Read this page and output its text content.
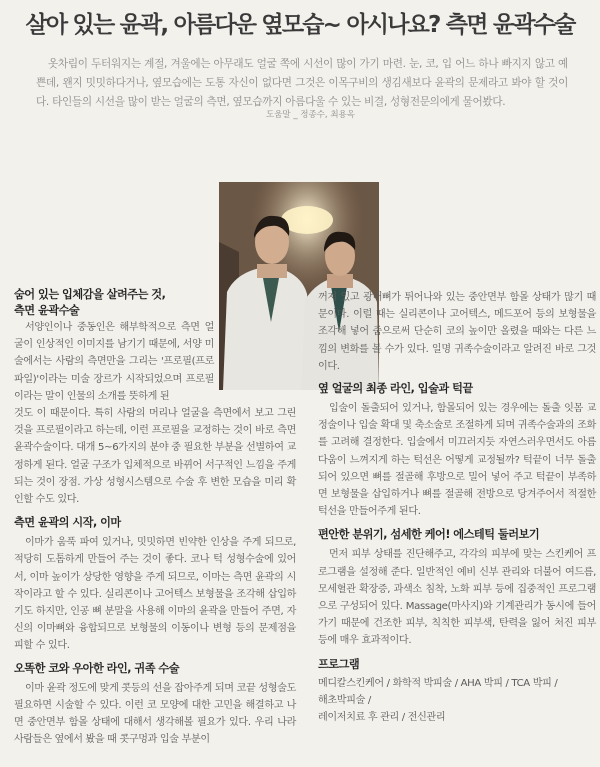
살아 있는 윤곽, 아름다운 옆모습~ 아시나요? 측면 윤곽수술
옷차림이 두터워지는 계절, 겨울에는 아무래도 얼굴 쪽에 시선이 많이 가기 마련. 눈, 코, 입 어느 하나 빠지지 않고 예쁜데, 왠지 밋밋하다거나, 옆모습에는 도통 자신이 없다면 그것은 이목구비의 생김새보다 윤곽의 문제라고 봐야 할 것이다. 타인들의 시선을 많이 받는 얼굴의 측면, 옆모습까지 아름다울 수 있는 비결, 성형전문의에게 물어봤다.
도움말 _ 정종수, 최용옥
숨어 있는 입체감을 살려주는 것,
측면 윤곽수술

서양인이나 중동인은 해부학적으로 측면 얼굴이 인상적인 이미지를 남기기 때문에, 서양 미술에서는 사람의 측면만을 그리는 '프로필(프로파일)'이라는 미술 장르가 시작되었으며 프로필이라는 말이 인물의 소개를 뜻하게 된

것도 이 때문이다. 특히 사람의 머리나 얼굴을 측면에서 보고 그린 것을 프로필이라고 하는데, 이런 프로필을 교정하는 것이 바로 측면 윤곽수술이다. 대개 5~6가지의 분야 중 필요한 부분을 선별하여 교정하게 된다. 얼굴 구조가 입체적으로 바뀌어 서구적인 느낌을 주게 되는 것이 장점. 가상 성형시스템으로 수술 후 변한 모습을 미리 확인할 수도 있다.

측면 윤곽의 시작, 이마

이마가 움푹 파여 있거나, 밋밋하면 빈약한 인상을 주게 되므로, 적당히 도톰하게 만들어 주는 것이 좋다. 코나 턱 성형수술에 있어서, 이마 높이가 상당한 영향을 주게 되므로, 이마는 측면 윤곽의 시작이라고 할 수 있다. 실리콘이나 고어텍스 보형물을 조각해 삽입하기도 하지만, 인공 뼈 분말을 사용해 이마의 윤곽을 만들어 주면, 자신의 이마뼈와 융합되므로 보형물의 이동이나 변형 등의 문제점을 피할 수 있다.

오똑한 코와 우아한 라인, 귀족 수술

이마 윤곽 정도에 맞게 콧등의 선을 잡아주게 되며 코끝 성형술도 필요하면 시술할 수 있다. 이런 코 모양에 대한 고민을 해결하고 나면 중안면부 함몰 상태에 대해서 생각해볼 필요가 있다. 우리 나라 사람들은 옆에서 봤을 때 콧구멍과 입술 부분이

꺼져 있고 광대뼈가 튀어나와 있는 중안면부 함몰 상태가 많기 때문이다. 이럴 때는 실리콘이나 고어텍스, 메드포어 등의 보형물을 조각해 넣어 줌으로써 단순히 코의 높이만 올렸을 때와는 다른 느낌의 변화를 볼 수가 있다. 일명 귀족수술이라고 알려진 바로 그것이다.

옆 얼굴의 최종 라인, 입술과 턱끝

입술이 돌출되어 있거나, 함몰되어 있는 경우에는 돌출 잇몸 교정술이나 입술 확대 및 축소술로 조절하게 되며 귀족수술과의 조화를 고려해 결정한다. 입술에서 미끄러지듯 자연스러우면서도 아름다움이 느껴지게 하는 턱선은 어떻게 교정될까? 턱끝이 너무 돌출되어 있으면 뼈를 절골해 후방으로 밀어 넣어 주고 턱끝이 부족하면 보형물을 삽입하거나 뼈를 절골해 전방으로 당겨주어서 적절한 턱선을 만들어주게 된다.

편안한 분위기, 섬세한 케어! 에스테틱 둘러보기

먼저 피부 상태를 진단해주고, 각각의 피부에 맞는 스킨케어 프로그램을 설정해 준다. 일반적인 예비 신부 관리와 더불어 여드름, 모세혈관 확장증, 과색소 침착, 노화 피부 등에 집중적인 프로그램으로 구성되어 있다. Massage(마사지)와 기계관리가 동시에 들어가기 때문에 건조한 피부, 칙칙한 피부색, 탄력을 잃어 처진 피부 등에 매우 효과적이다.

프로그램
메디칼스킨케어 / 화학적 박피술 / AHA 박피 / TCA 박피 /
해초박피술 /
레이저치료 후 관리 / 전신관리
